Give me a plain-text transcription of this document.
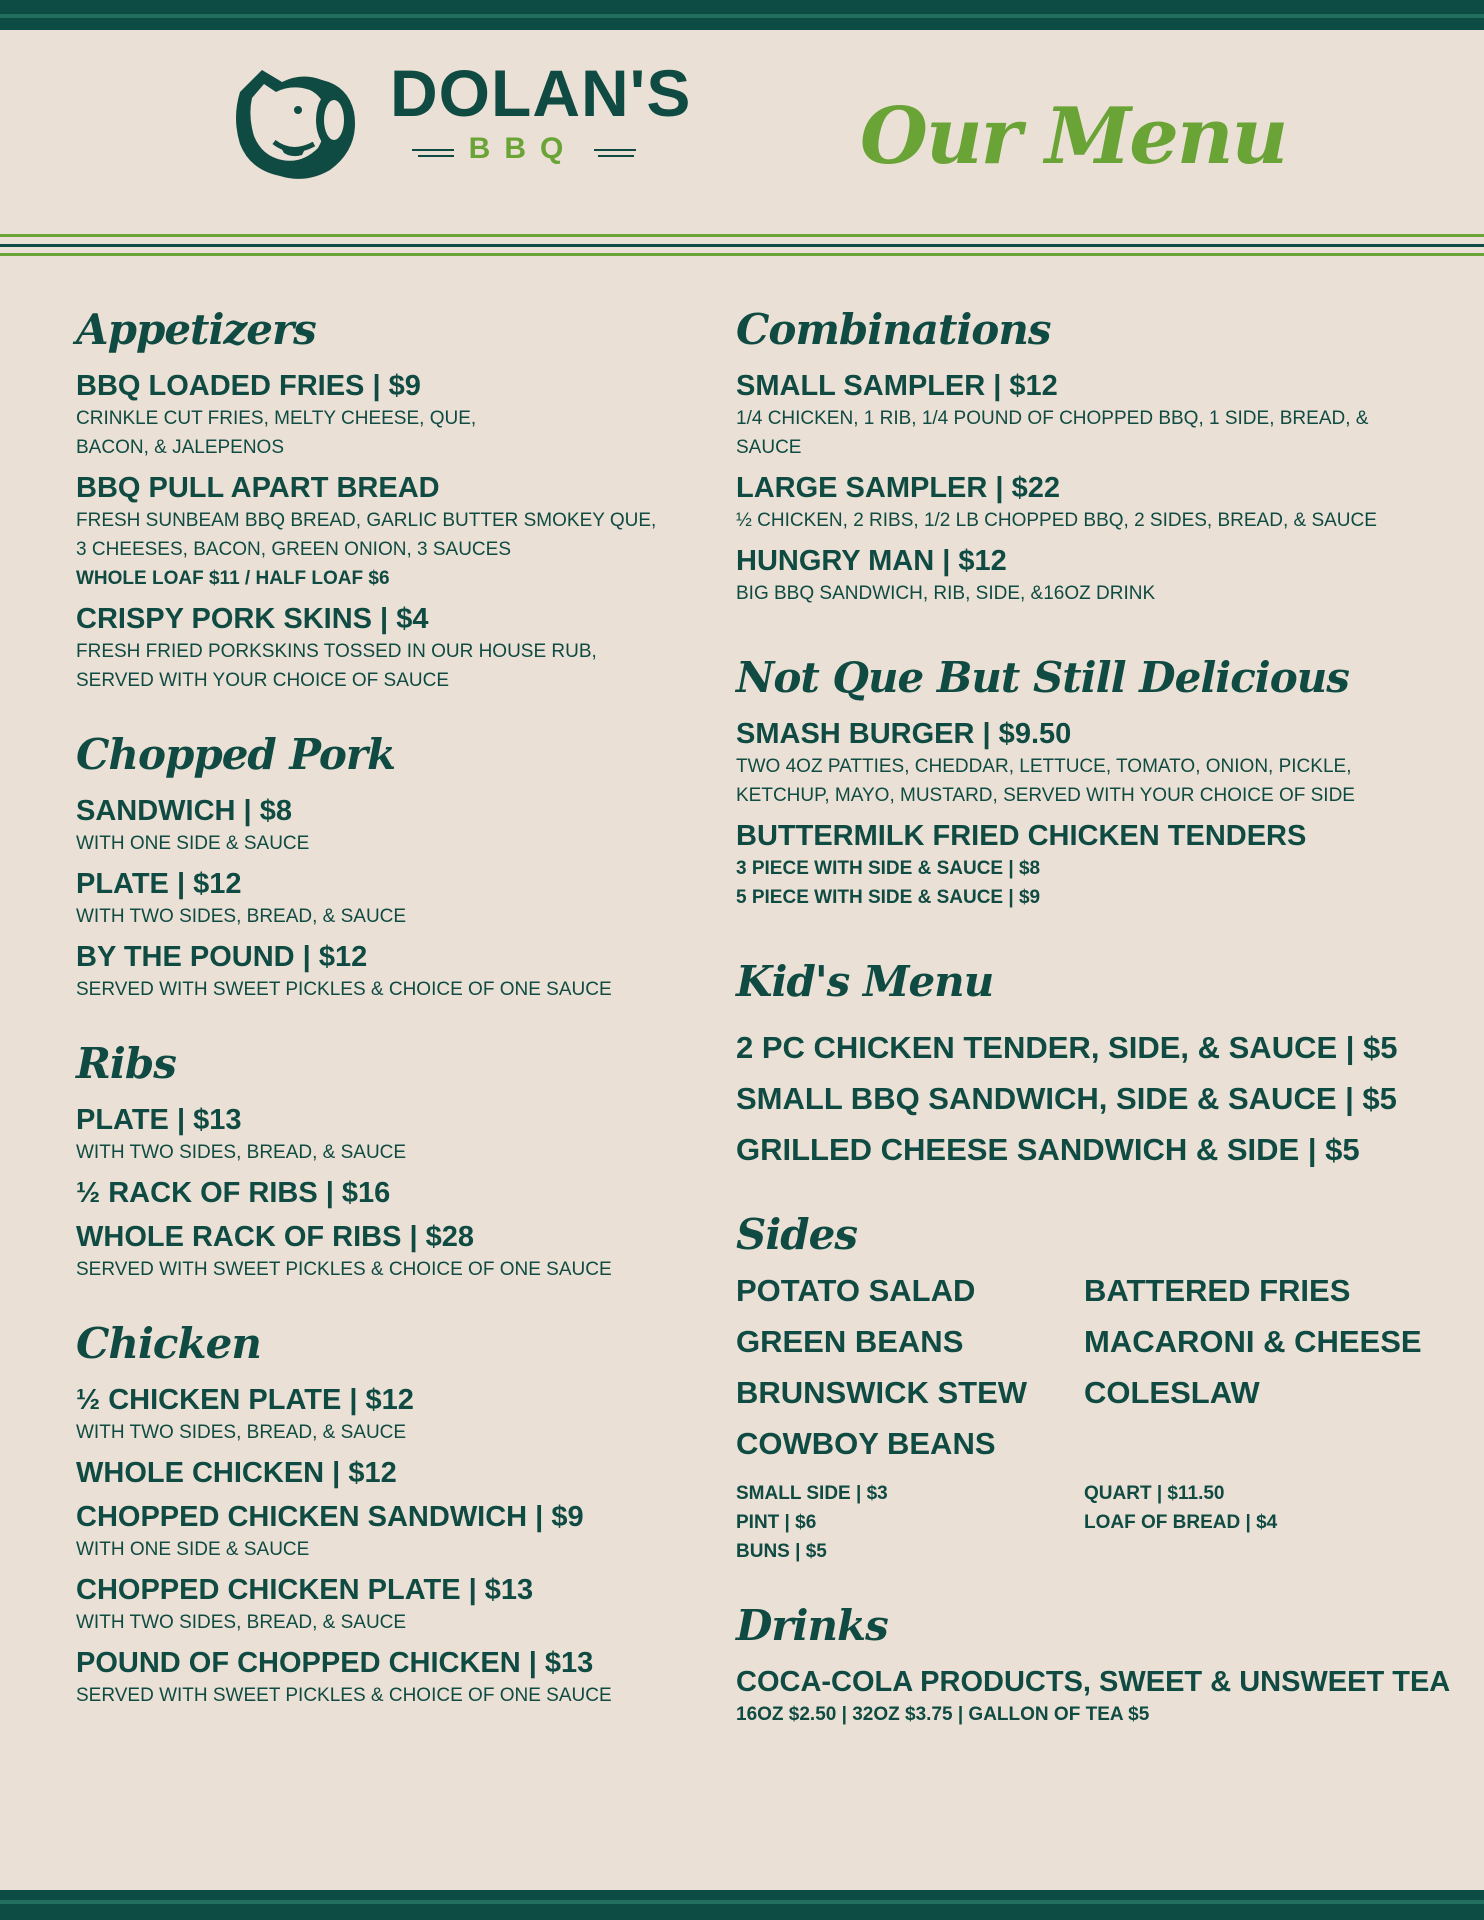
DOLAN'S
BBQ	Our Menu
Appetizers
BBQ LOADED FRIES | $9
CRINKLE CUT FRIES, MELTY CHEESE, QUE,
BACON, & JALEPENOS
BBQ PULL APART BREAD
FRESH SUNBEAM BBQ BREAD, GARLIC BUTTER SMOKEY QUE,
3 CHEESES, BACON, GREEN ONION, 3 SAUCES
WHOLE LOAF $11 / HALF LOAF $6
CRISPY PORK SKINS | $4
FRESH FRIED PORKSKINS TOSSED IN OUR HOUSE RUB,
SERVED WITH YOUR CHOICE OF SAUCE
Chopped Pork
SANDWICH | $8
WITH ONE SIDE & SAUCE
PLATE | $12
WITH TWO SIDES, BREAD, & SAUCE
BY THE POUND | $12
SERVED WITH SWEET PICKLES & CHOICE OF ONE SAUCE
Ribs
PLATE | $13
WITH TWO SIDES, BREAD, & SAUCE
½ RACK OF RIBS | $16
WHOLE RACK OF RIBS | $28
SERVED WITH SWEET PICKLES & CHOICE OF ONE SAUCE
Chicken
½ CHICKEN PLATE | $12
WITH TWO SIDES, BREAD, & SAUCE
WHOLE CHICKEN | $12
CHOPPED CHICKEN SANDWICH | $9
WITH ONE SIDE & SAUCE
CHOPPED CHICKEN PLATE | $13
WITH TWO SIDES, BREAD, & SAUCE
POUND OF CHOPPED CHICKEN | $13
SERVED WITH SWEET PICKLES & CHOICE OF ONE SAUCE
Combinations
SMALL SAMPLER | $12
1/4 CHICKEN, 1 RIB, 1/4 POUND OF CHOPPED BBQ, 1 SIDE, BREAD, & SAUCE
LARGE SAMPLER | $22
½ CHICKEN, 2 RIBS, 1/2 LB CHOPPED BBQ, 2 SIDES, BREAD, & SAUCE
HUNGRY MAN | $12
BIG BBQ SANDWICH, RIB, SIDE, &16OZ DRINK
Not Que But Still Delicious
SMASH BURGER | $9.50
TWO 4OZ PATTIES, CHEDDAR, LETTUCE, TOMATO, ONION, PICKLE,
KETCHUP, MAYO, MUSTARD, SERVED WITH YOUR CHOICE OF SIDE
BUTTERMILK FRIED CHICKEN TENDERS
3 PIECE WITH SIDE & SAUCE | $8
5 PIECE WITH SIDE & SAUCE | $9
Kid's Menu
2 PC CHICKEN TENDER, SIDE, & SAUCE | $5
SMALL BBQ SANDWICH, SIDE & SAUCE | $5
GRILLED CHEESE SANDWICH & SIDE | $5
Sides
POTATO SALAD	BATTERED FRIES
GREEN BEANS	MACARONI & CHEESE
BRUNSWICK STEW	COLESLAW
COWBOY BEANS
SMALL SIDE | $3	QUART | $11.50
PINT | $6	LOAF OF BREAD | $4
BUNS | $5
Drinks
COCA-COLA PRODUCTS, SWEET & UNSWEET TEA
16OZ $2.50 | 32OZ $3.75 | GALLON OF TEA $5
